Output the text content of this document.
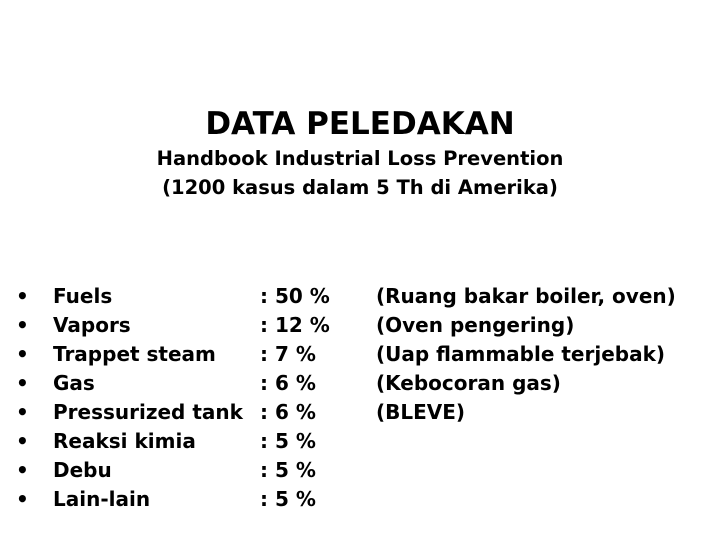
DATA PELEDAKAN
Handbook Industrial Loss Prevention
(1200 kasus dalam 5 Th di Amerika)
• Fuels	: 50 % (Ruang bakar boiler, oven)
• Vapors	: 12 % (Oven pengering)
• Trappet steam : 7 %	(Uap flammable terjebak)
• Gas	: 6 %	(Kebocoran gas)
• Pressurized tank : 6 %	(BLEVE)
• Reaksi kimia	: 5 %
• Debu	: 5 %
• Lain-lain	: 5 %
